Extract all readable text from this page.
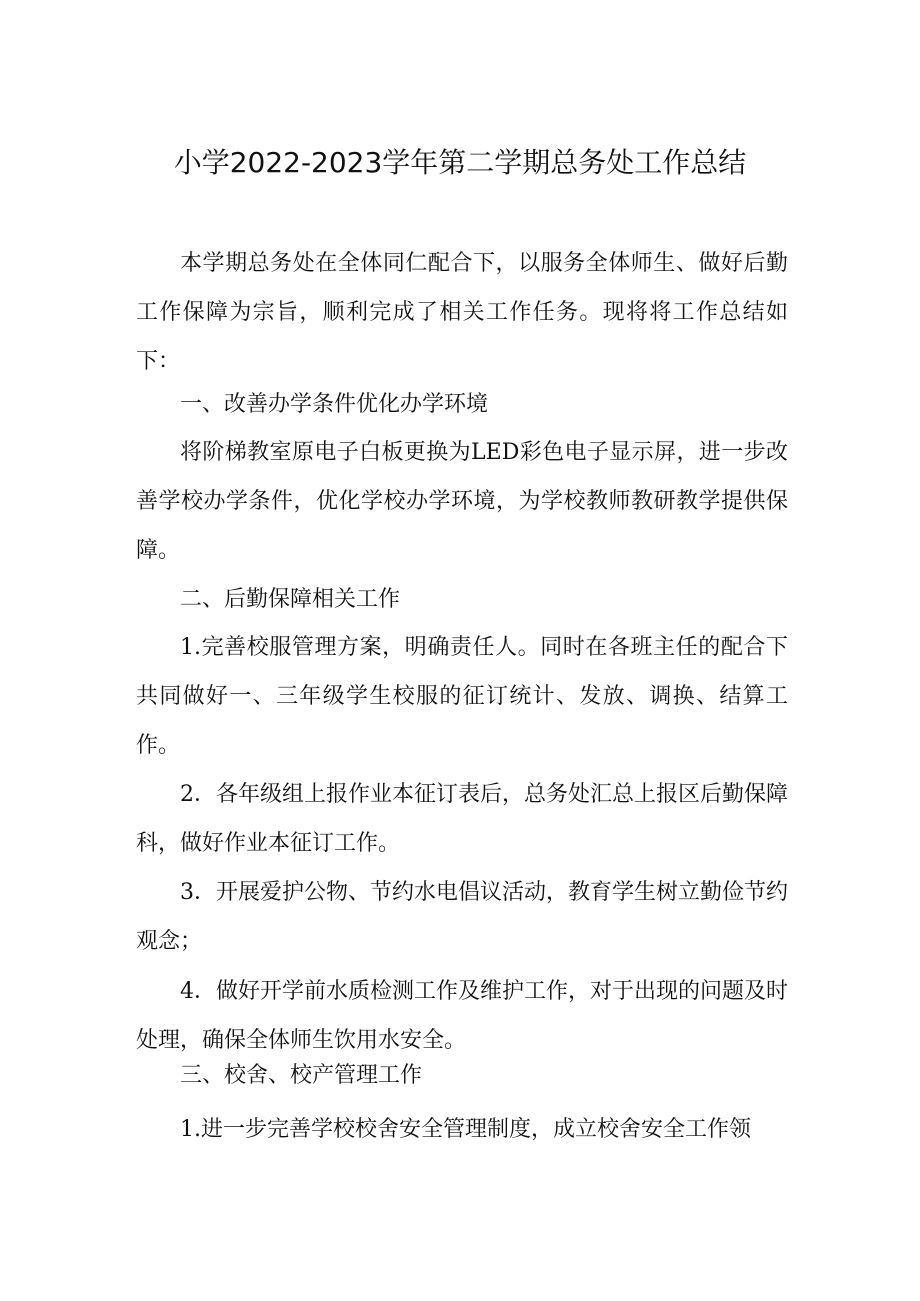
小学2022-2023学年第二学期总务处工作总结

本学期总务处在全体同仁配合下，以服务全体师生、做好后勤工作保障为宗旨，顺利完成了相关工作任务。现将将工作总结如下：

一、改善办学条件优化办学环境

将阶梯教室原电子白板更换为LED彩色电子显示屏，进一步改善学校办学条件，优化学校办学环境，为学校教师教研教学提供保障。

二、后勤保障相关工作

1.完善校服管理方案，明确责任人。同时在各班主任的配合下共同做好一、三年级学生校服的征订统计、发放、调换、结算工作。

2．各年级组上报作业本征订表后，总务处汇总上报区后勤保障科，做好作业本征订工作。

3．开展爱护公物、节约水电倡议活动，教育学生树立勤俭节约观念；

4．做好开学前水质检测工作及维护工作，对于出现的问题及时处理，确保全体师生饮用水安全。

三、校舍、校产管理工作

1.进一步完善学校校舍安全管理制度，成立校舍安全工作领
